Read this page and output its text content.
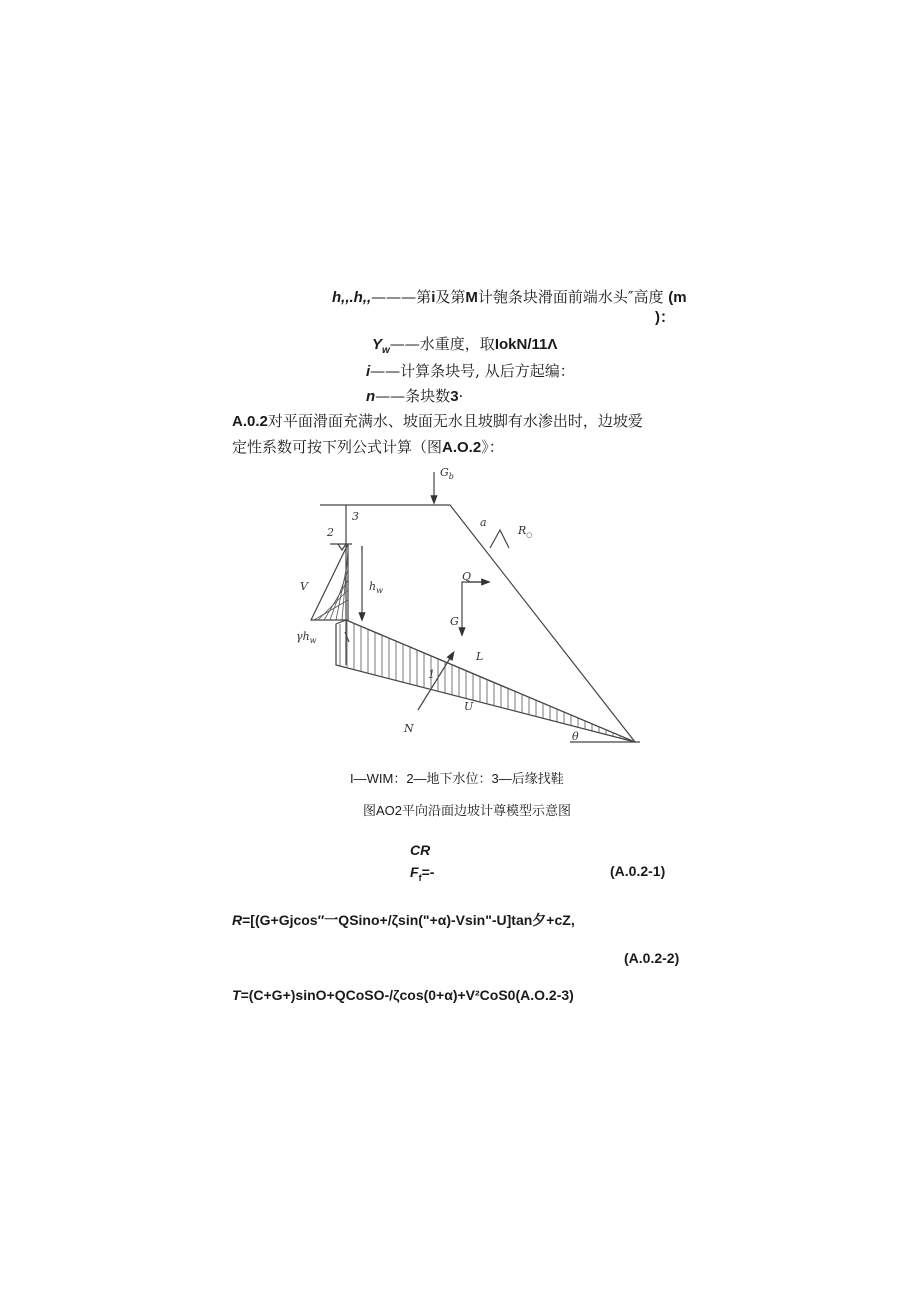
h,,.h,,———第i及第M计匏条块滑面前端水头″高度 (m
)：
$Y_w——$水重度，取IokN/11Λ
i——计算条块号, 从后方起编：
n——条块数3·
A.0.2对平面滑面充满水、坡面无水且坡脚有水渗出时，边坡爱
定性系数可按下列公式计算（图A.O.2》：
$G_b$
3
2
a
$R_○$
V	$h_w$
Q
G
$\gamma h_w$
1
L
U
N
θ
I—WIM：2—地下水位：3—后缘找鞋
图AO2平向沿面边坡计尊模型示意图
CR
$F_f=-$	(A.0.2-1)
R=[(G+Gjcos″一QSino+/ζsin("+α)-Vsin"-U]tan夕+cZ,
(A.0.2-2)
T=(C+G+)sinO+QCoSO-/ζcos(0+α)+V²CoS0(A.O.2-3)
